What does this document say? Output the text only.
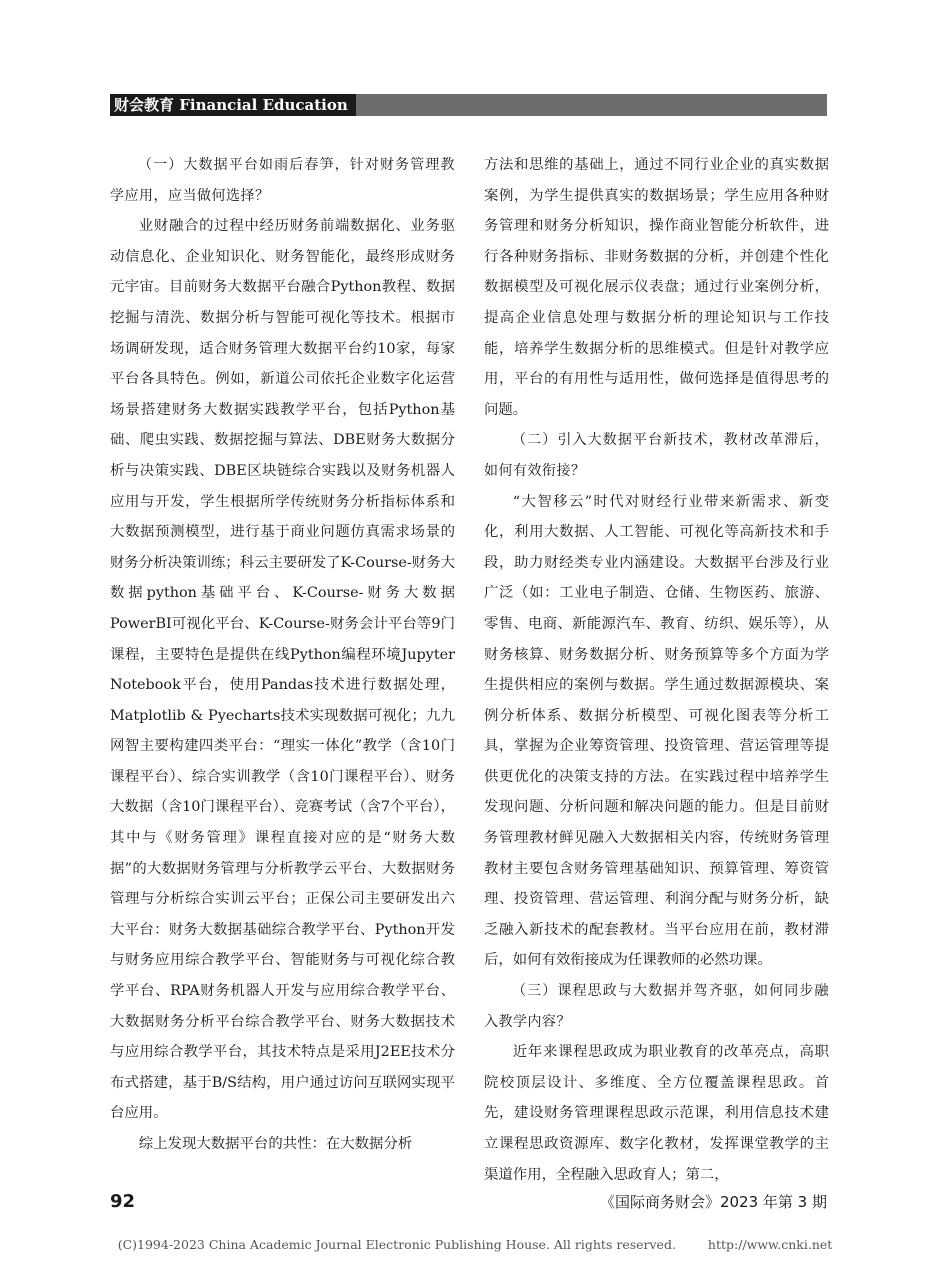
财会教育 Financial Education

（一）大数据平台如雨后春笋，针对财务管理教学应用，应当做何选择？

业财融合的过程中经历财务前端数据化、业务驱动信息化、企业知识化、财务智能化，最终形成财务元宇宙。目前财务大数据平台融合Python教程、数据挖掘与清洗、数据分析与智能可视化等技术。根据市场调研发现，适合财务管理大数据平台约10家，每家平台各具特色。例如，新道公司依托企业数字化运营场景搭建财务大数据实践教学平台，包括Python基础、爬虫实践、数据挖掘与算法、DBE财务大数据分析与决策实践、DBE区块链综合实践以及财务机器人应用与开发，学生根据所学传统财务分析指标体系和大数据预测模型，进行基于商业问题仿真需求场景的财务分析决策训练；科云主要研发了K-Course-财务大数据python基础平台、K-Course-财务大数据PowerBI可视化平台、K-Course-财务会计平台等9门课程，主要特色是提供在线Python编程环境Jupyter Notebook平台，使用Pandas技术进行数据处理，Matplotlib & Pyecharts技术实现数据可视化；九九网智主要构建四类平台：“理实一体化”教学（含10门课程平台）、综合实训教学（含10门课程平台）、财务大数据（含10门课程平台）、竞赛考试（含7个平台），其中与《财务管理》课程直接对应的是“财务大数据”的大数据财务管理与分析教学云平台、大数据财务管理与分析综合实训云平台；正保公司主要研发出六大平台：财务大数据基础综合教学平台、Python开发与财务应用综合教学平台、智能财务与可视化综合教学平台、RPA财务机器人开发与应用综合教学平台、大数据财务分析平台综合教学平台、财务大数据技术与应用综合教学平台，其技术特点是采用J2EE技术分布式搭建，基于B/S结构，用户通过访问互联网实现平台应用。

综上发现大数据平台的共性：在大数据分析

方法和思维的基础上，通过不同行业企业的真实数据案例，为学生提供真实的数据场景；学生应用各种财务管理和财务分析知识，操作商业智能分析软件，进行各种财务指标、非财务数据的分析，并创建个性化数据模型及可视化展示仪表盘；通过行业案例分析，提高企业信息处理与数据分析的理论知识与工作技能，培养学生数据分析的思维模式。但是针对教学应用，平台的有用性与适用性，做何选择是值得思考的问题。

（二）引入大数据平台新技术，教材改革滞后，如何有效衔接？

“大智移云”时代对财经行业带来新需求、新变化，利用大数据、人工智能、可视化等高新技术和手段，助力财经类专业内涵建设。大数据平台涉及行业广泛（如：工业电子制造、仓储、生物医药、旅游、零售、电商、新能源汽车、教育、纺织、娱乐等），从财务核算、财务数据分析、财务预算等多个方面为学生提供相应的案例与数据。学生通过数据源模块、案例分析体系、数据分析模型、可视化图表等分析工具，掌握为企业筹资管理、投资管理、营运管理等提供更优化的决策支持的方法。在实践过程中培养学生发现问题、分析问题和解决问题的能力。但是目前财务管理教材鲜见融入大数据相关内容，传统财务管理教材主要包含财务管理基础知识、预算管理、筹资管理、投资管理、营运管理、利润分配与财务分析，缺乏融入新技术的配套教材。当平台应用在前，教材滞后，如何有效衔接成为任课教师的必然功课。

（三）课程思政与大数据并驾齐驱，如何同步融入教学内容？

近年来课程思政成为职业教育的改革亮点，高职院校顶层设计、多维度、全方位覆盖课程思政。首先，建设财务管理课程思政示范课，利用信息技术建立课程思政资源库、数字化教材，发挥课堂教学的主渠道作用，全程融入思政育人；第二，

92	《国际商务财会》2023 年第 3 期
(C)1994-2023 China Academic Journal Electronic Publishing House. All rights reserved.	http://www.cnki.net
